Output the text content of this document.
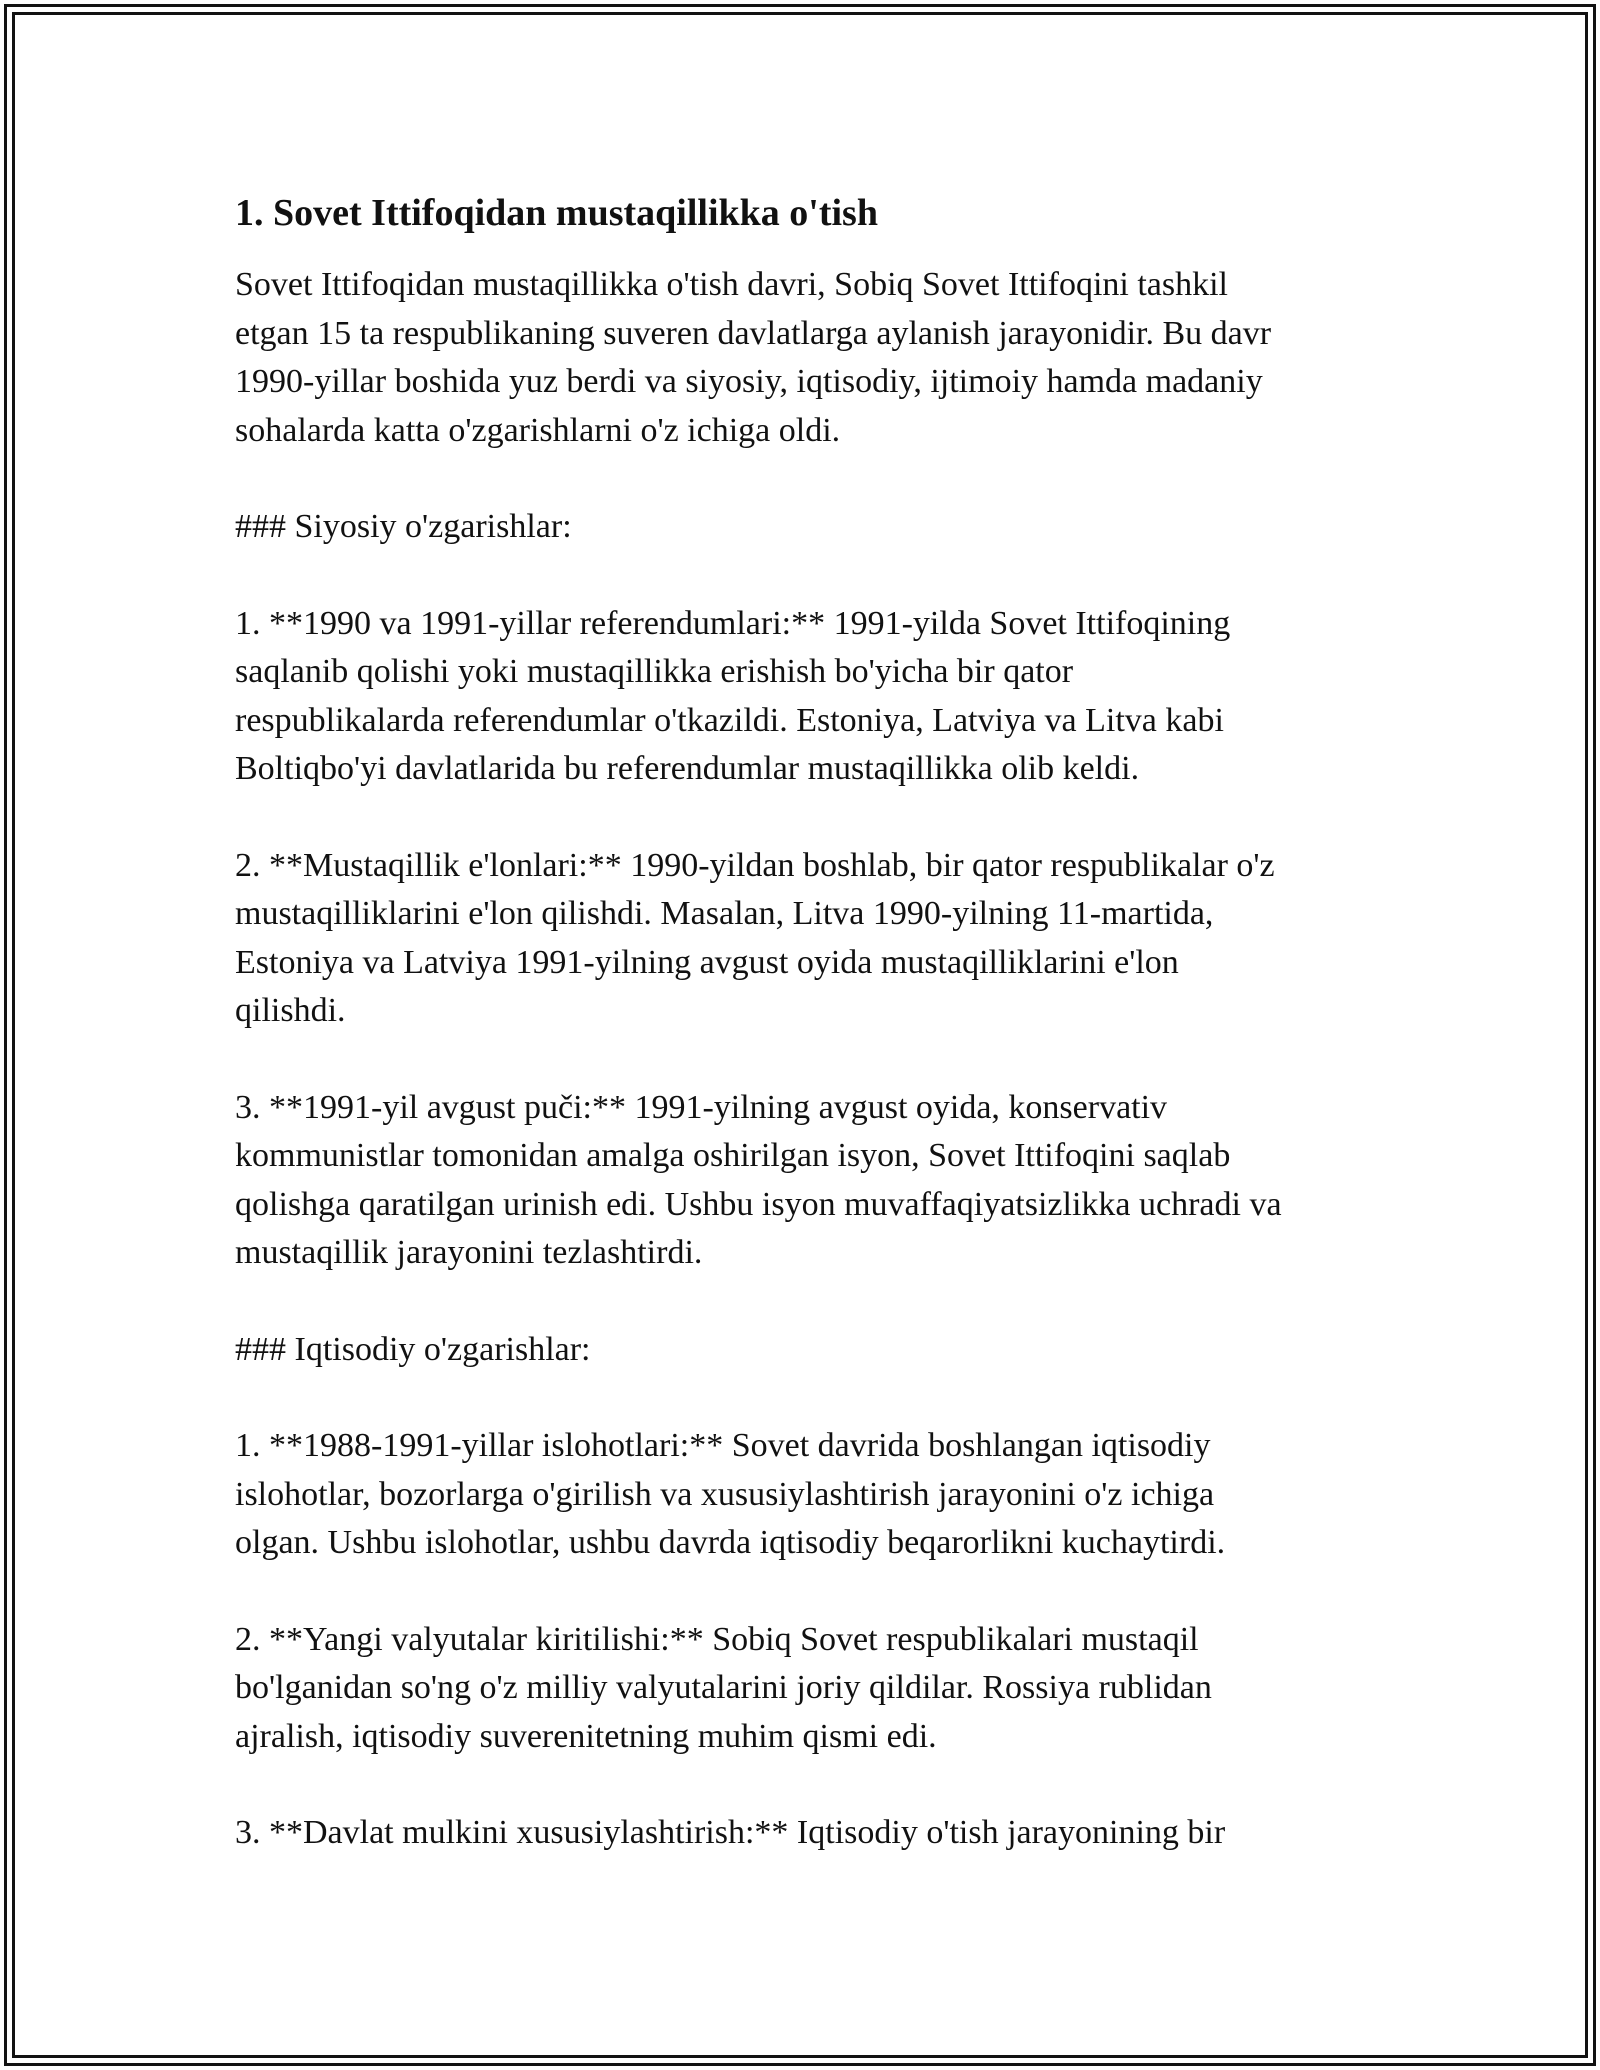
1. Sovet Ittifoqidan mustaqillikka o'tish

Sovet Ittifoqidan mustaqillikka o'tish davri, Sobiq Sovet Ittifoqini tashkil
etgan 15 ta respublikaning suveren davlatlarga aylanish jarayonidir. Bu davr
1990-yillar boshida yuz berdi va siyosiy, iqtisodiy, ijtimoiy hamda madaniy
sohalarda katta o'zgarishlarni o'z ichiga oldi.

### Siyosiy o'zgarishlar:

1. **1990 va 1991-yillar referendumlari:** 1991-yilda Sovet Ittifoqining
saqlanib qolishi yoki mustaqillikka erishish bo'yicha bir qator
respublikalarda referendumlar o'tkazildi. Estoniya, Latviya va Litva kabi
Boltiqbo'yi davlatlarida bu referendumlar mustaqillikka olib keldi.

2. **Mustaqillik e'lonlari:** 1990-yildan boshlab, bir qator respublikalar o'z
mustaqilliklarini e'lon qilishdi. Masalan, Litva 1990-yilning 11-martida,
Estoniya va Latviya 1991-yilning avgust oyida mustaqilliklarini e'lon
qilishdi.

3. **1991-yil avgust puči:** 1991-yilning avgust oyida, konservativ
kommunistlar tomonidan amalga oshirilgan isyon, Sovet Ittifoqini saqlab
qolishga qaratilgan urinish edi. Ushbu isyon muvaffaqiyatsizlikka uchradi va
mustaqillik jarayonini tezlashtirdi.

### Iqtisodiy o'zgarishlar:

1. **1988-1991-yillar islohotlari:** Sovet davrida boshlangan iqtisodiy
islohotlar, bozorlarga o'girilish va xususiylashtirish jarayonini o'z ichiga
olgan. Ushbu islohotlar, ushbu davrda iqtisodiy beqarorlikni kuchaytirdi.

2. **Yangi valyutalar kiritilishi:** Sobiq Sovet respublikalari mustaqil
bo'lganidan so'ng o'z milliy valyutalarini joriy qildilar. Rossiya rublidan
ajralish, iqtisodiy suverenitetning muhim qismi edi.

3. **Davlat mulkini xususiylashtirish:** Iqtisodiy o'tish jarayonining bir
